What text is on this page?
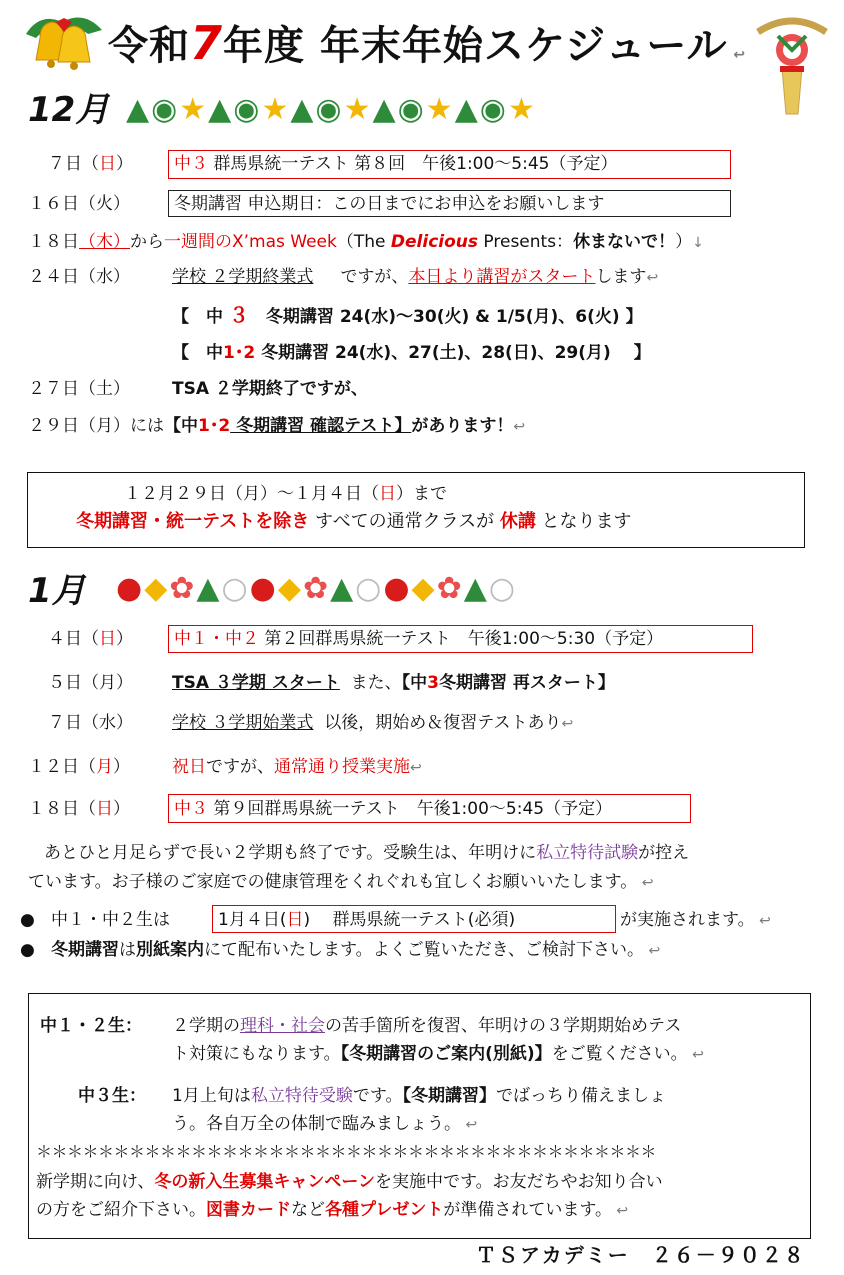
令和7年度 年末年始スケジュール ↩
12月 ▲◉★▲◉★▲◉★▲◉★▲◉★
７日（日） 中３ 群馬県統一テスト 第８回　午後1:00～5:45（予定）
１６日（火）	冬期講習 申込期日：この日までにお申込をお願いします
１８日（木）から一週間のX’mas Week（The Delicious Presents：休まないで！）↓
２４日（水） 学校 ２学期終業式 ですが、本日より講習がスタートします↩
【　中 ３　冬期講習 24(水)～30(火) & 1/5(月)、6(火) 】
【　中1･2 冬期講習 24(水)、27(土)、28(日)、29(月)　 】
２７日（土） TSA ２学期終了ですが、
２９日（月）には【中1･2 冬期講習 確認テスト】があります！↩
１２月２９日（月）～１月４日（日）まで
冬期講習・統一テストを除き すべての通常クラスが 休講 となります
1月 ●◆✿▲○●◆✿▲○●◆✿▲○
４日（日） 中１・中２ 第２回群馬県統一テスト　午後1:00～5:30（予定）
５日（月） TSA ３学期 スタート また、【中3冬期講習 再スタート】
７日（水） 学校 ３学期始業式 以後，期始め＆復習テストあり↩
１２日（月） 祝日ですが、通常通り授業実施↩
１８日（日）	中３ 第９回群馬県統一テスト　午後1:00～5:45（予定）
あとひと月足らずで長い２学期も終了です。受験生は、年明けに私立特待試験が控え
ています。お子様のご家庭での健康管理をくれぐれも宜しくお願いいたします。 ↩
●   中１・中２生は	1月４日(日)　 群馬県統一テスト(必須)	が実施されます。 ↩
●   冬期講習は別紙案内にて配布いたします。よくご覧いただき、ご検討下さい。 ↩
中１・２生： ２学期の理科・社会の苦手箇所を復習、年明けの３学期期始めテス
ト対策にもなります。【冬期講習のご案内(別紙)】をご覧ください。 ↩
中３生： 1月上旬は私立特待受験です。【冬期講習】でばっちり備えましょ
う。各自万全の体制で臨みましょう。 ↩
＊＊＊＊＊＊＊＊＊＊＊＊＊＊＊＊＊＊＊＊＊＊＊＊＊＊＊＊＊＊＊＊＊＊＊＊＊＊＊＊
新学期に向け、冬の新入生募集キャンペーンを実施中です。お友だちやお知り合い
の方をご紹介下さい。図書カードなど各種プレゼントが準備されています。 ↩
ＴＳアカデミー　２６－９０２８
